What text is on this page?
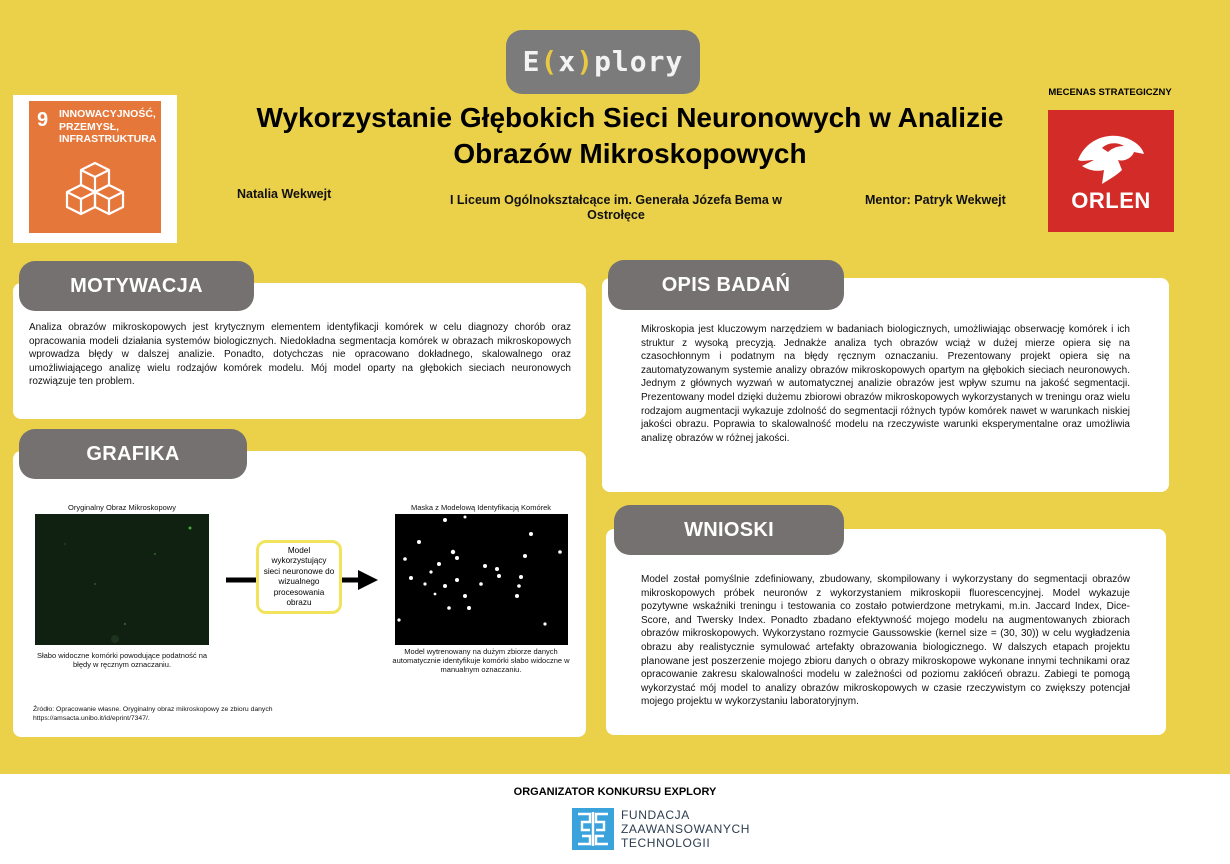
E(x)plory
9 INNOWACYJNOŚĆ, PRZEMYSŁ, INFRASTRUKTURA
Wykorzystanie Głębokich Sieci Neuronowych w Analizie Obrazów Mikroskopowych
Natalia Wekwejt	I Liceum Ogólnokształcące im. Generała Józefa Bema w Ostrołęce
Mentor: Patryk Wekwejt
MECENAS STRATEGICZNY
ORLEN
MOTYWACJA
Analiza obrazów mikroskopowych jest krytycznym elementem identyfikacji komórek w celu diagnozy chorób oraz opracowania modeli działania systemów biologicznych. Niedokładna segmentacja komórek w obrazach mikroskopowych wprowadza błędy w dalszej analizie. Ponadto, dotychczas nie opracowano dokładnego, skalowalnego oraz umożliwiającego analizę wielu rodzajów komórek modelu. Mój model oparty na głębokich sieciach neuronowych rozwiązuje ten problem.
GRAFIKA
Oryginalny Obraz Mikroskopowy
Słabo widoczne komórki powodujące podatność na błędy w ręcznym oznaczaniu.
Model wykorzystujący sieci neuronowe do wizualnego procesowania obrazu
Maska z Modelową Identyfikacją Komórek
Model wytrenowany na dużym zbiorze danych automatycznie identyfikuje komórki słabo widoczne w manualnym oznaczaniu.
Źródło: Opracowanie własne. Oryginalny obraz mikroskopowy ze zbioru danych
https://amsacta.unibo.it/id/eprint/7347/.
OPIS BADAŃ
Mikroskopia jest kluczowym narzędziem w badaniach biologicznych, umożliwiając obserwację komórek i ich struktur z wysoką precyzją. Jednakże analiza tych obrazów wciąż w dużej mierze opiera się na czasochłonnym i podatnym na błędy ręcznym oznaczaniu. Prezentowany projekt opiera się na zautomatyzowanym systemie analizy obrazów mikroskopowych opartym na głębokich sieciach neuronowych. Jednym z głównych wyzwań w automatycznej analizie obrazów jest wpływ szumu na jakość segmentacji. Prezentowany model dzięki dużemu zbiorowi obrazów mikroskopowych wykorzystanych w treningu oraz wielu rodzajom augmentacji wykazuje zdolność do segmentacji różnych typów komórek nawet w warunkach niskiej jakości obrazu. Poprawia to skalowalność modelu na rzeczywiste warunki eksperymentalne oraz umożliwia analizę obrazów w różnej jakości.
WNIOSKI
Model został pomyślnie zdefiniowany, zbudowany, skompilowany i wykorzystany do segmentacji obrazów mikroskopowych próbek neuronów z wykorzystaniem mikroskopii fluorescencyjnej. Model wykazuje pozytywne wskaźniki treningu i testowania co zostało potwierdzone metrykami, m.in. Jaccard Index, Dice-Score, and Twersky Index. Ponadto zbadano efektywność mojego modelu na augmentowanych zbiorach obrazów mikroskopowych. Wykorzystano rozmycie Gaussowskie (kernel size = (30, 30)) w celu wygładzenia obrazu aby realistycznie symulować artefakty obrazowania biologicznego. W dalszych etapach projektu planowane jest poszerzenie mojego zbioru danych o obrazy mikroskopowe wykonane innymi technikami oraz opracowanie zakresu skalowalności modelu w zależności od poziomu zakłóceń obrazu. Zabiegi te pomogą wykorzystać mój model to analizy obrazów mikroskopowych w czasie rzeczywistym co zwiększy potencjał mojego projektu w wykorzystaniu laboratoryjnym.
ORGANIZATOR KONKURSU EXPLORY
FUNDACJA
ZAAWANSOWANYCH
TECHNOLOGII
